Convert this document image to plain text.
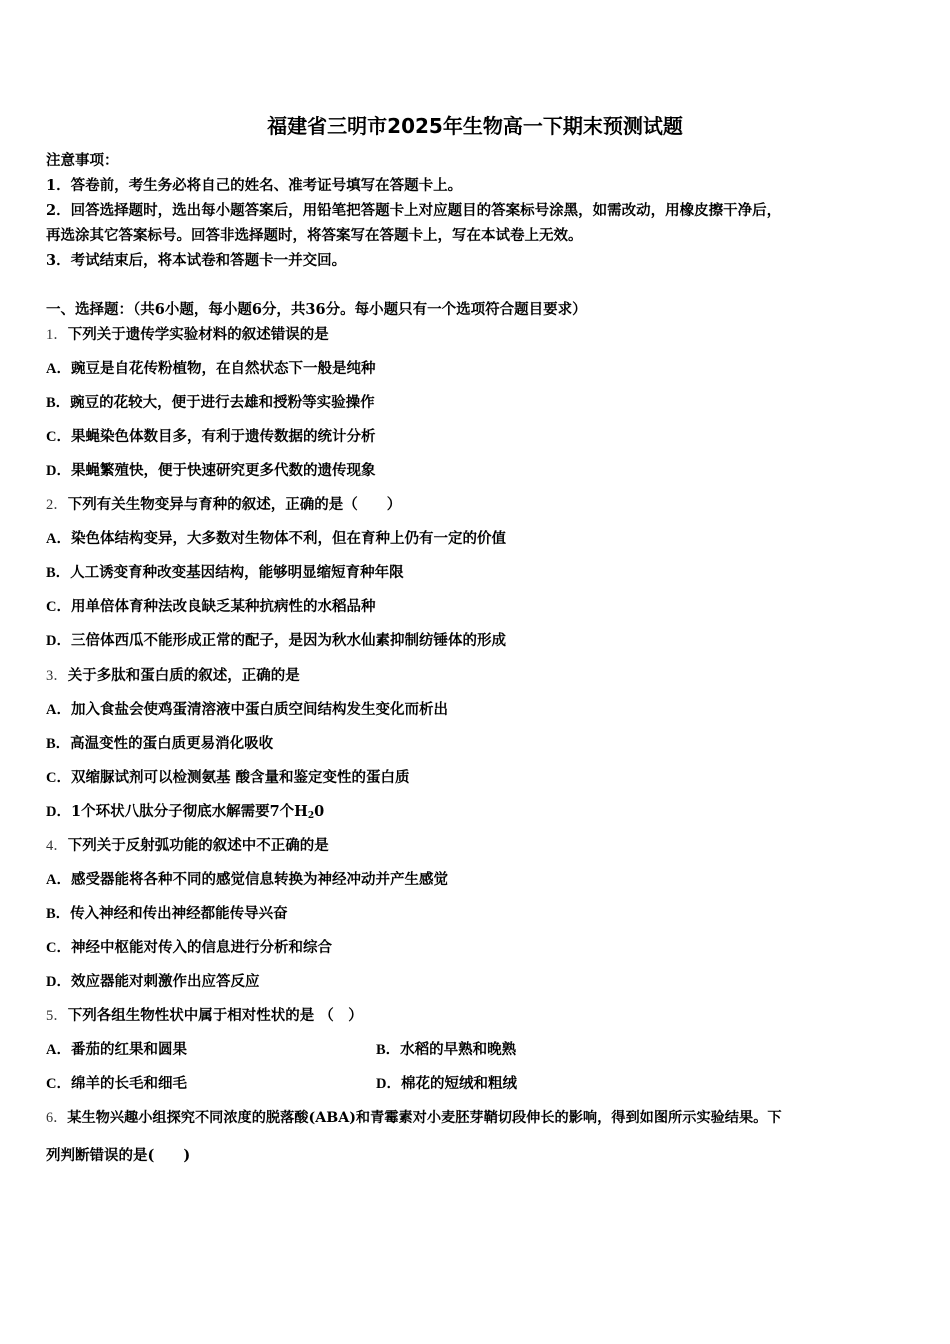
福建省三明市2025年生物高一下期末预测试题
注意事项：
1．答卷前，考生务必将自己的姓名、准考证号填写在答题卡上。
2．回答选择题时，选出每小题答案后，用铅笔把答题卡上对应题目的答案标号涂黑，如需改动，用橡皮擦干净后，
再选涂其它答案标号。回答非选择题时，将答案写在答题卡上，写在本试卷上无效。
3．考试结束后，将本试卷和答题卡一并交回。
一、选择题：（共6小题，每小题6分，共36分。每小题只有一个选项符合题目要求）
1．下列关于遗传学实验材料的叙述错误的是
A．豌豆是自花传粉植物，在自然状态下一般是纯种
B．豌豆的花较大，便于进行去雄和授粉等实验操作
C．果蝇染色体数目多，有利于遗传数据的统计分析
D．果蝇繁殖快，便于快速研究更多代数的遗传现象
2．下列有关生物变异与育种的叙述，正确的是（　　）
A．染色体结构变异，大多数对生物体不利，但在育种上仍有一定的价值
B．人工诱变育种改变基因结构，能够明显缩短育种年限
C．用单倍体育种法改良缺乏某种抗病性的水稻品种
D．三倍体西瓜不能形成正常的配子，是因为秋水仙素抑制纺锤体的形成
3．关于多肽和蛋白质的叙述，正确的是
A．加入食盐会使鸡蛋清溶液中蛋白质空间结构发生变化而析出
B．高温变性的蛋白质更易消化吸收
C．双缩脲试剂可以检测氨基 酸含量和鉴定变性的蛋白质
D．1个环状八肽分子彻底水解需要7个$H_20$
4．下列关于反射弧功能的叙述中不正确的是
A．感受器能将各种不同的感觉信息转换为神经冲动并产生感觉
B．传入神经和传出神经都能传导兴奋
C．神经中枢能对传入的信息进行分析和综合
D．效应器能对刺激作出应答反应
5．下列各组生物性状中属于相对性状的是 （　）
A．番茄的红果和圆果	B．水稻的早熟和晚熟
C．绵羊的长毛和细毛	D．棉花的短绒和粗绒
6．某生物兴趣小组探究不同浓度的脱落酸(ABA)和青霉素对小麦胚芽鞘切段伸长的影响，得到如图所示实验结果。下
列判断错误的是(　　)
